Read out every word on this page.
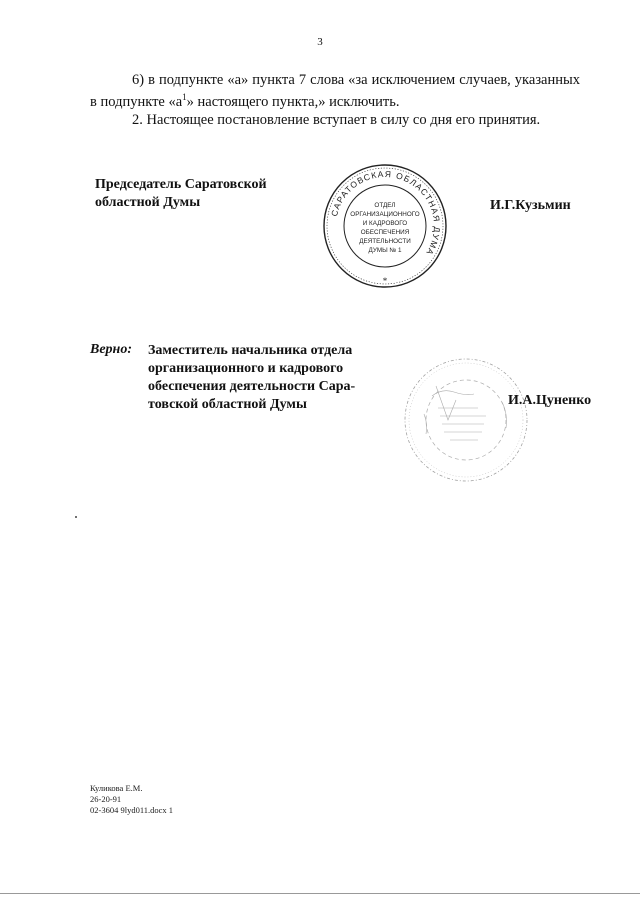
3
6) в подпункте «а» пункта 7 слова «за исключением случаев, указанных в подпункте «$а^1$» настоящего пункта,» исключить.
2. Настоящее постановление вступает в силу со дня его принятия.
Председатель Саратовской
областной Думы
САРАТОВСКАЯ ОБЛАСТНАЯ ДУМА
ОТДЕЛ
ОРГАНИЗАЦИОННОГО
И КАДРОВОГО
ОБЕСПЕЧЕНИЯ
ДЕЯТЕЛЬНОСТИ
ДУМЫ № 1
*
И.Г.Кузьмин
Верно: Заместитель начальника отдела
организационного и кадрового
обеспечения деятельности Сара-
товской областной Думы	И.А.Цуненко
Куликова Е.М.
26-20-91
02-3604 9lyd011.docx 1
